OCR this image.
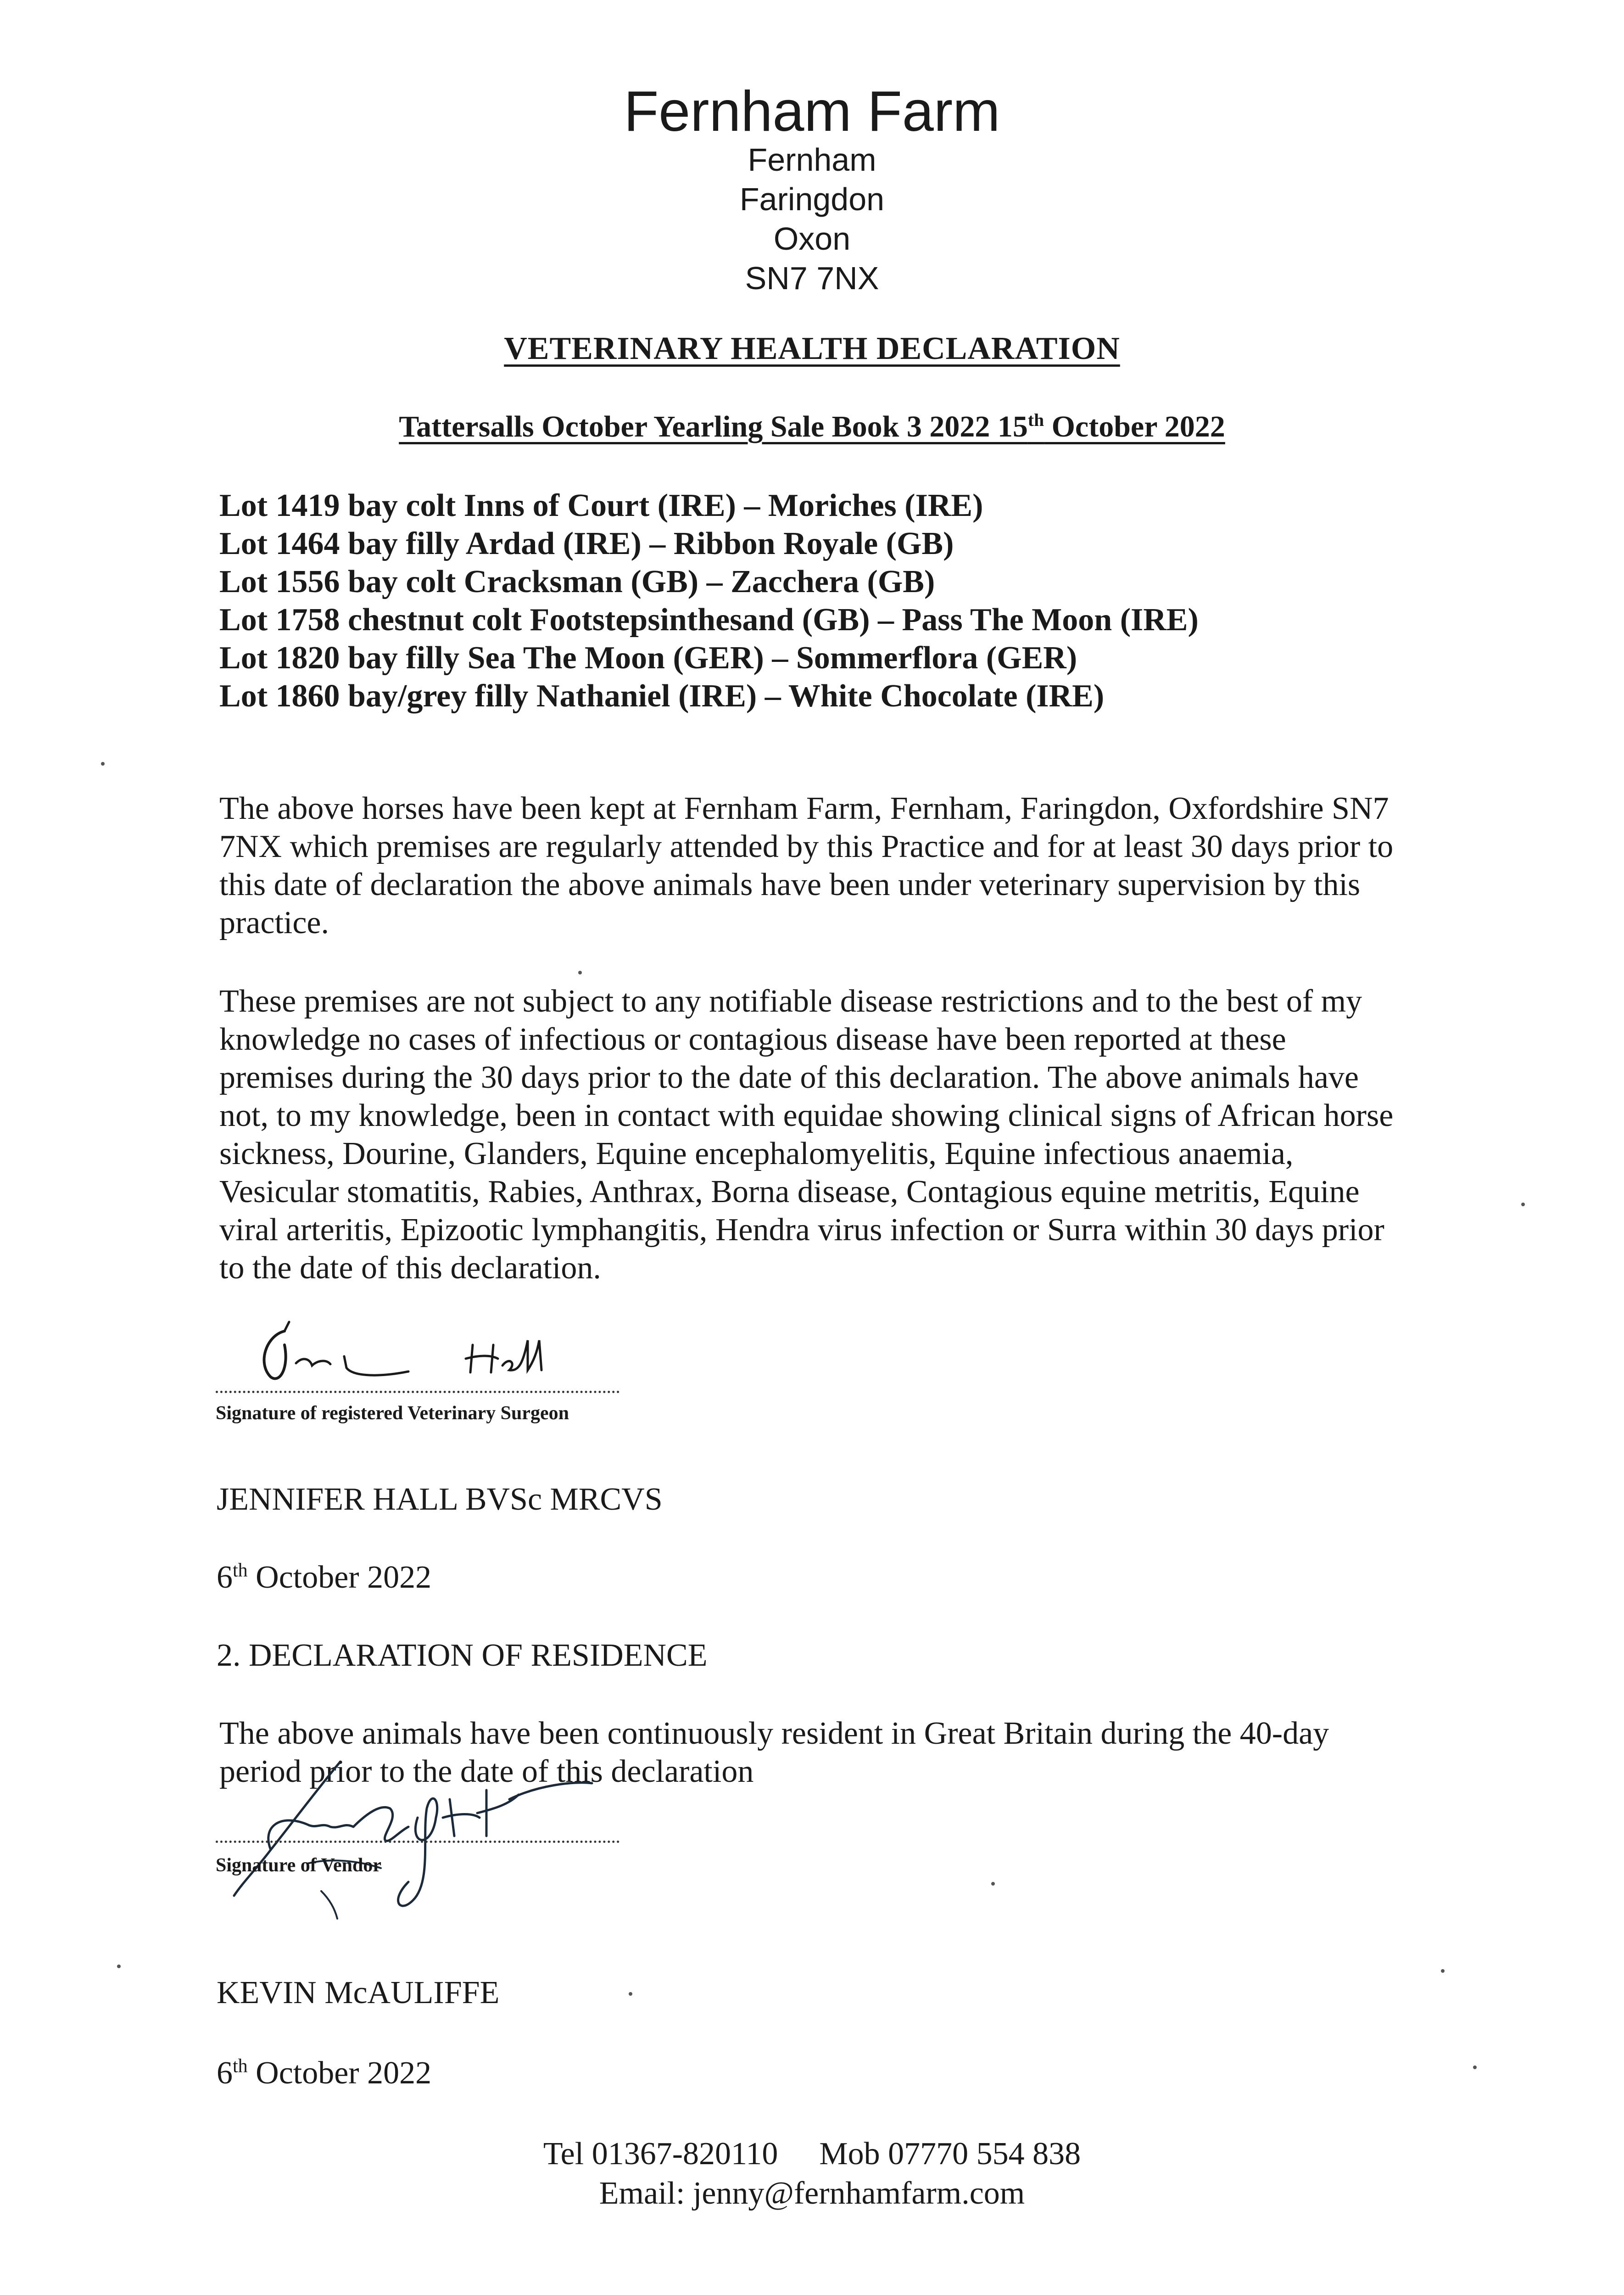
Fernham Farm
Fernham
Faringdon
Oxon
SN7 7NX
VETERINARY HEALTH DECLARATION
Tattersalls October Yearling Sale Book 3 2022 15th October 2022
Lot 1419 bay colt Inns of Court (IRE) – Moriches (IRE)
Lot 1464 bay filly Ardad (IRE) – Ribbon Royale (GB)
Lot 1556 bay colt Cracksman (GB) – Zacchera (GB)
Lot 1758 chestnut colt Footstepsinthesand (GB) – Pass The Moon (IRE)
Lot 1820 bay filly Sea The Moon (GER) – Sommerflora (GER)
Lot 1860 bay/grey filly Nathaniel (IRE) – White Chocolate (IRE)
The above horses have been kept at Fernham Farm, Fernham, Faringdon, Oxfordshire SN7 7NX which premises are regularly attended by this Practice and for at least 30 days prior to this date of declaration the above animals have been under veterinary supervision by this practice.
These premises are not subject to any notifiable disease restrictions and to the best of my knowledge no cases of infectious or contagious disease have been reported at these premises during the 30 days prior to the date of this declaration. The above animals have not, to my knowledge, been in contact with equidae showing clinical signs of African horse sickness, Dourine, Glanders, Equine encephalomyelitis, Equine infectious anaemia, Vesicular stomatitis, Rabies, Anthrax, Borna disease, Contagious equine metritis, Equine viral arteritis, Epizootic lymphangitis, Hendra virus infection or Surra within 30 days prior to the date of this declaration.
Signature of registered Veterinary Surgeon
JENNIFER HALL BVSc MRCVS
6th October 2022
2. DECLARATION OF RESIDENCE
The above animals have been continuously resident in Great Britain during the 40-day period prior to the date of this declaration
Signature of Vendor
KEVIN McAULIFFE
6th October 2022
Tel 01367-820110 Mob 07770 554 838
Email: jenny@fernhamfarm.com
